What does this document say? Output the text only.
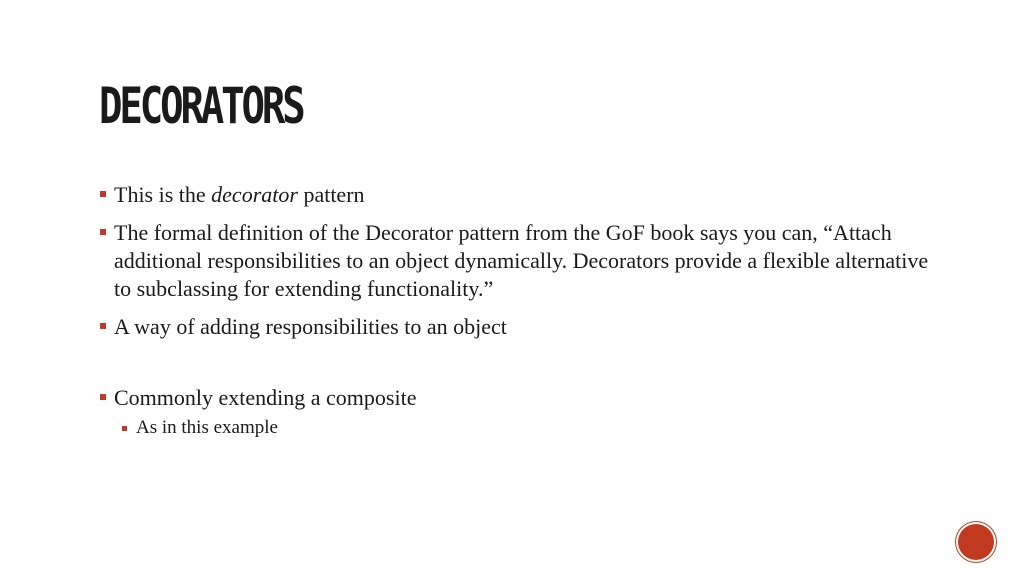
DECORATORS
This is the decorator pattern
The formal definition of the Decorator pattern from the GoF book says you can, “Attach additional responsibilities to an object dynamically. Decorators provide a flexible alternative to subclassing for extending functionality.”
A way of adding responsibilities to an object
Commonly extending a composite
As in this example
